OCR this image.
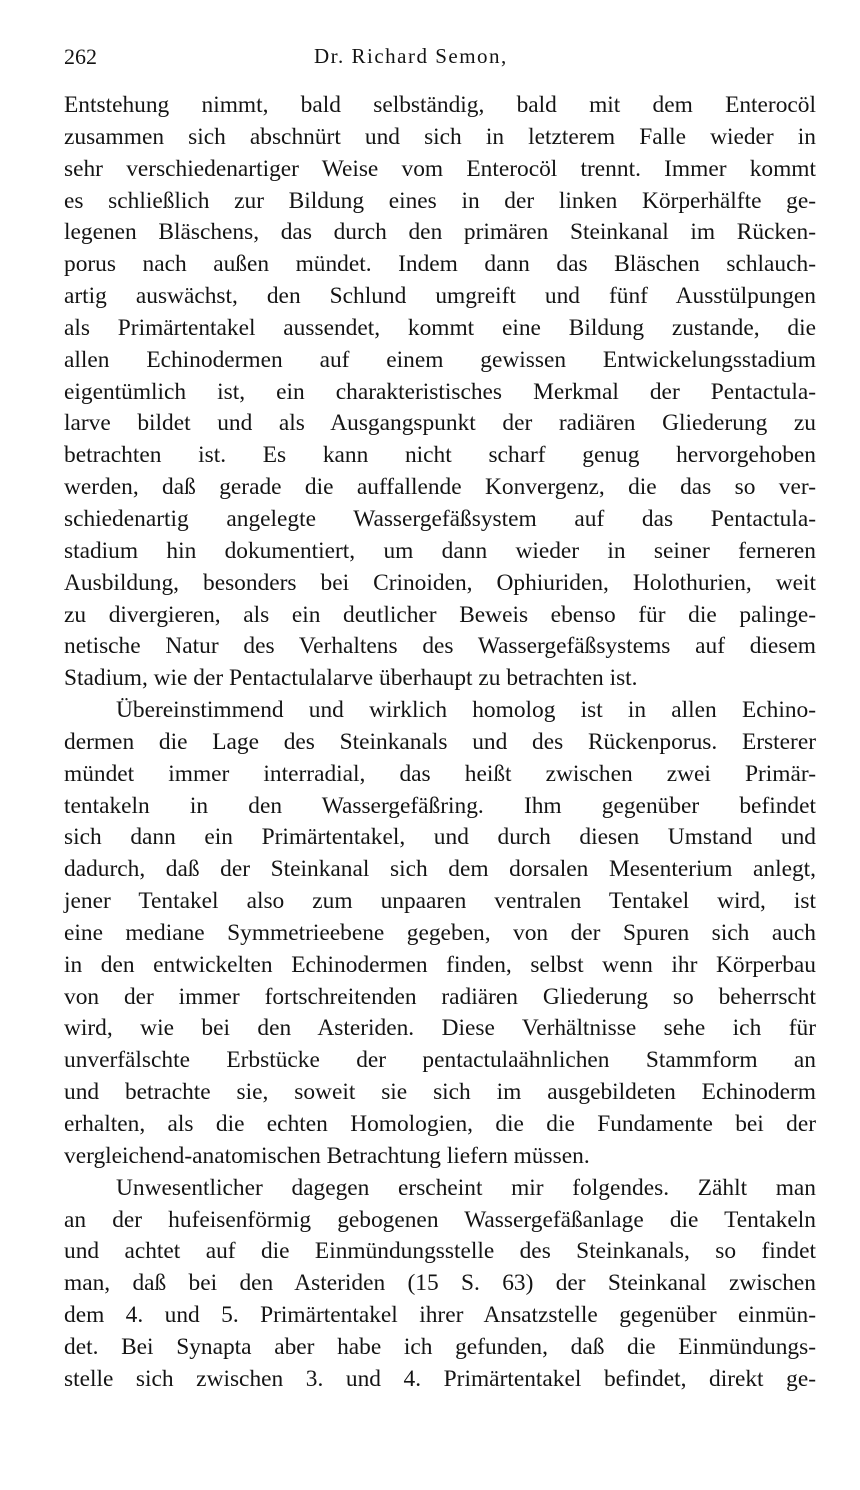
262	Dr. Richard Semon,
Entstehung nimmt, bald selbständig, bald mit dem Enterocöl
zusammen sich abschnürt und sich in letzterem Falle wieder in
sehr verschiedenartiger Weise vom Enterocöl trennt. Immer kommt
es schließlich zur Bildung eines in der linken Körperhälfte ge-
legenen Bläschens, das durch den primären Steinkanal im Rücken-
porus nach außen mündet. Indem dann das Bläschen schlauch-
artig auswächst, den Schlund umgreift und fünf Ausstülpungen
als Primärtentakel aussendet, kommt eine Bildung zustande, die
allen Echinodermen auf einem gewissen Entwickelungsstadium
eigentümlich ist, ein charakteristisches Merkmal der Pentactula-
larve bildet und als Ausgangspunkt der radiären Gliederung zu
betrachten ist. Es kann nicht scharf genug hervorgehoben
werden, daß gerade die auffallende Konvergenz, die das so ver-
schiedenartig angelegte Wassergefäßsystem auf das Pentactula-
stadium hin dokumentiert, um dann wieder in seiner ferneren
Ausbildung, besonders bei Crinoiden, Ophiuriden, Holothurien, weit
zu divergieren, als ein deutlicher Beweis ebenso für die palinge-
netische Natur des Verhaltens des Wassergefäßsystems auf diesem
Stadium, wie der Pentactulalarve überhaupt zu betrachten ist.
Übereinstimmend und wirklich homolog ist in allen Echino-
dermen die Lage des Steinkanals und des Rückenporus. Ersterer
mündet immer interradial, das heißt zwischen zwei Primär-
tentakeln in den Wassergefäßring. Ihm gegenüber befindet
sich dann ein Primärtentakel, und durch diesen Umstand und
dadurch, daß der Steinkanal sich dem dorsalen Mesenterium anlegt,
jener Tentakel also zum unpaaren ventralen Tentakel wird, ist
eine mediane Symmetrieebene gegeben, von der Spuren sich auch
in den entwickelten Echinodermen finden, selbst wenn ihr Körperbau
von der immer fortschreitenden radiären Gliederung so beherrscht
wird, wie bei den Asteriden. Diese Verhältnisse sehe ich für
unverfälschte Erbstücke der pentactulaähnlichen Stammform an
und betrachte sie, soweit sie sich im ausgebildeten Echinoderm
erhalten, als die echten Homologien, die die Fundamente bei der
vergleichend-anatomischen Betrachtung liefern müssen.
Unwesentlicher dagegen erscheint mir folgendes. Zählt man
an der hufeisenförmig gebogenen Wassergefäßanlage die Tentakeln
und achtet auf die Einmündungsstelle des Steinkanals, so findet
man, daß bei den Asteriden (15 S. 63) der Steinkanal zwischen
dem 4. und 5. Primärtentakel ihrer Ansatzstelle gegenüber einmün-
det. Bei Synapta aber habe ich gefunden, daß die Einmündungs-
stelle sich zwischen 3. und 4. Primärtentakel befindet, direkt ge-
